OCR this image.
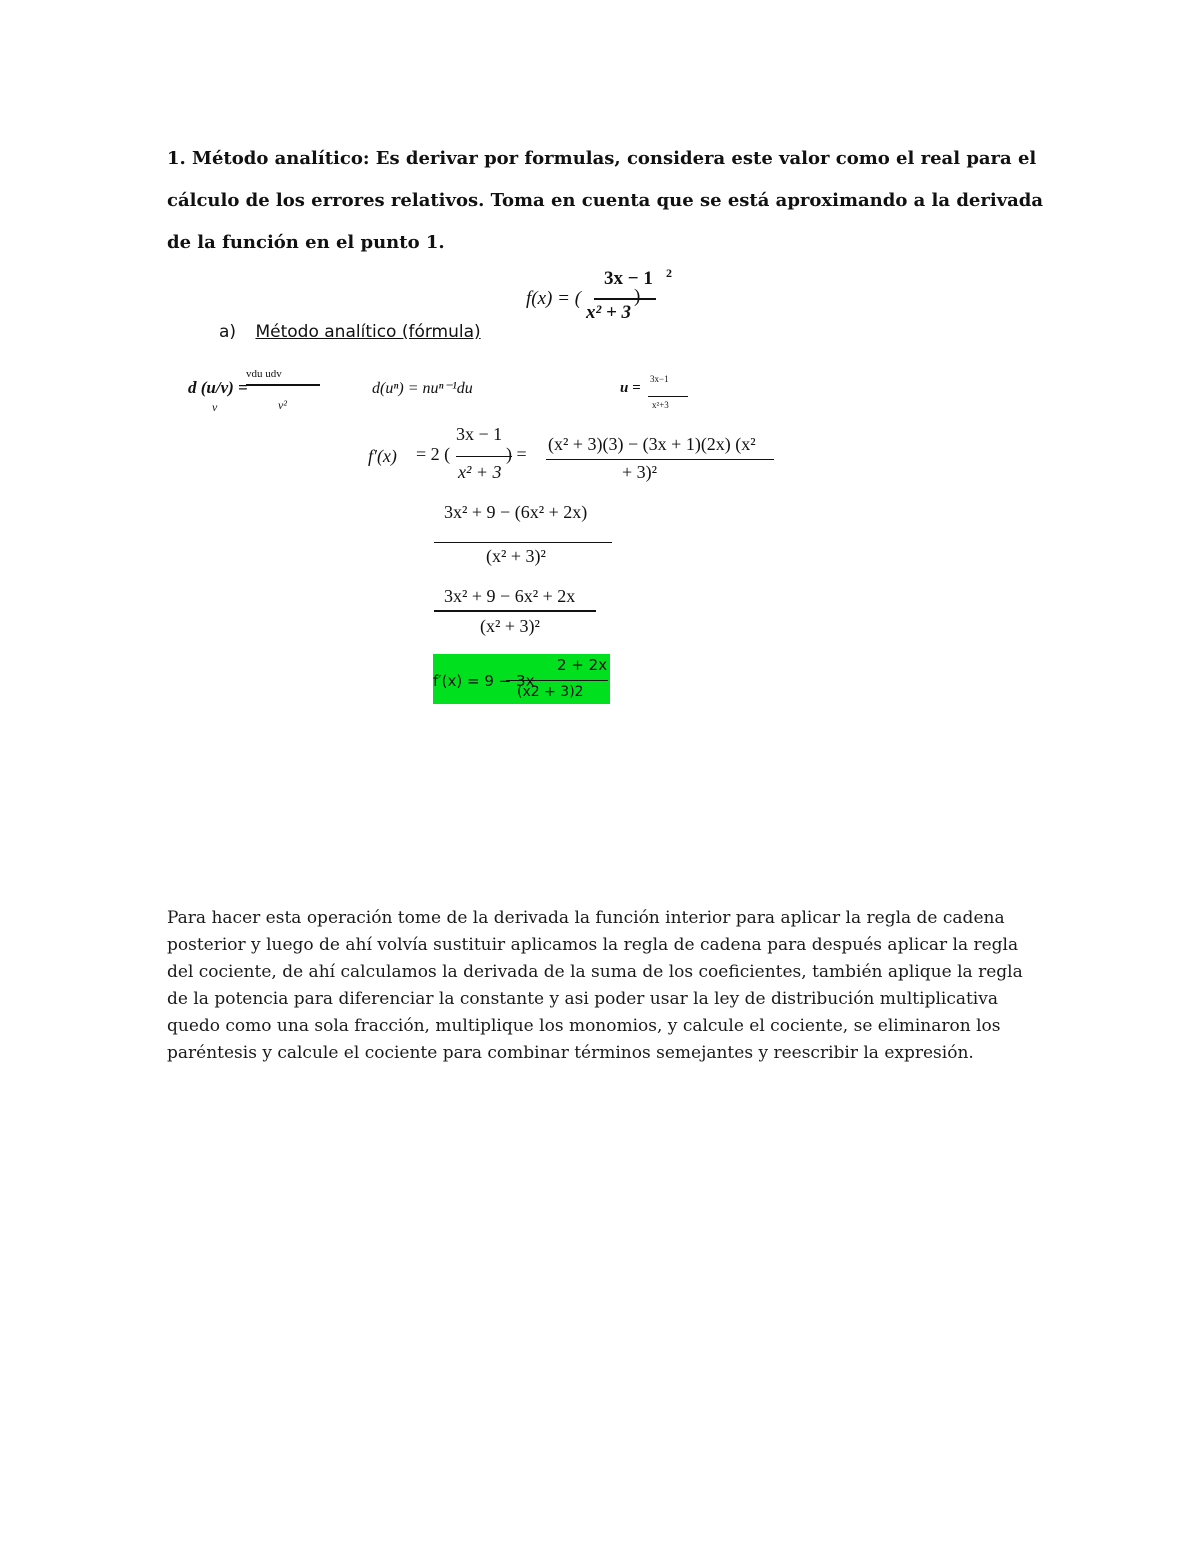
1. Método analítico: Es derivar por formulas, considera este valor como el real para el cálculo de los errores relativos. Toma en cuenta que se está aproximando a la derivada de la función en el punto 1.
f(x) = (
3x − 1 2
x² + 3
)
a) Método analítico (fórmula)
d (u/v) =
vdu udv
v	v²
d(uⁿ) = nuⁿ⁻¹du	u =
3x−1
x²+3
f′(x) = 2 (
3x − 1
x² + 3
) = (x² + 3)(3) − (3x + 1)(2x) (x²
+ 3)²
3x² + 9 − (6x² + 2x)
(x² + 3)²
3x² + 9 − 6x² + 2x
(x² + 3)²
f′(x) = 9 − 3x
2 + 2x
(x2 + 3)2
Para hacer esta operación tome de la derivada la función interior para aplicar la regla de cadena posterior y luego de ahí volvía sustituir aplicamos la regla de cadena para después aplicar la regla del cociente, de ahí calculamos la derivada de la suma de los coeficientes, también aplique la regla de la potencia para diferenciar la constante y asi poder usar la ley de distribución multiplicativa quedo como una sola fracción, multiplique los monomios, y calcule el cociente, se eliminaron los paréntesis y calcule el cociente para combinar términos semejantes y reescribir la expresión.
